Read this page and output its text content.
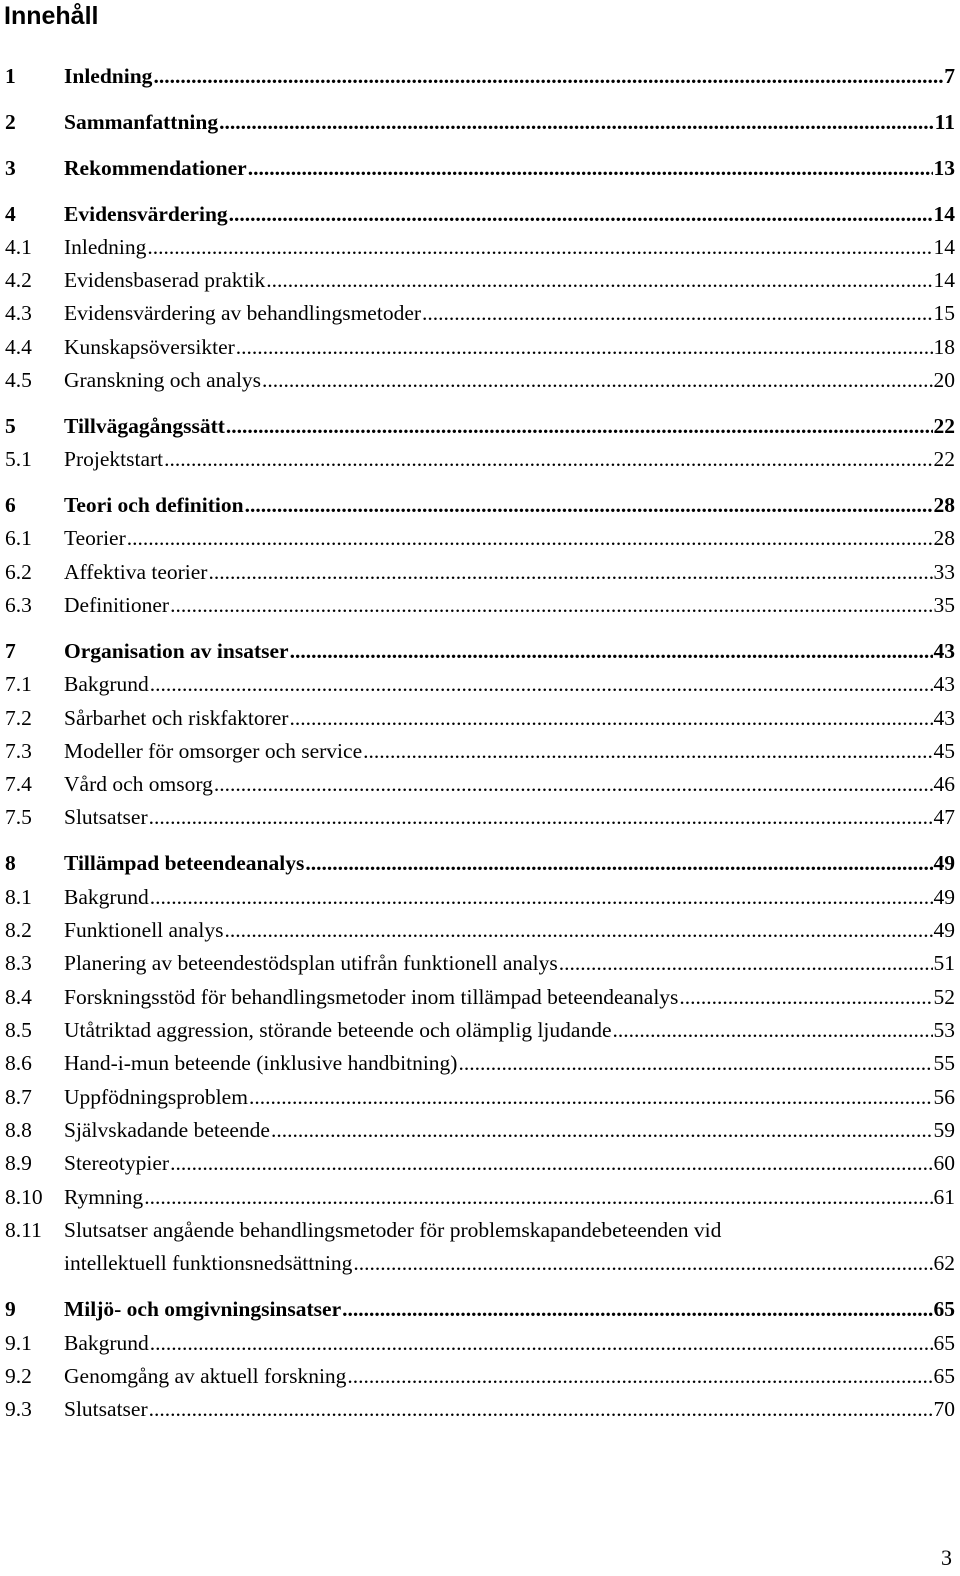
Innehåll
1	Inledning .....	7
2	Sammanfattning .....	11
3	Rekommendationer .....	13
4	Evidensvärdering .....	14
4.1	Inledning .....	14
4.2	Evidensbaserad praktik .....	14
4.3	Evidensvärdering av behandlingsmetoder .....	15
4.4	Kunskapsöversikter .....	18
4.5	Granskning och analys .....	20
5	Tillvägagångssätt .....	22
5.1	Projektstart .....	22
6	Teori och definition .....	28
6.1	Teorier .....	28
6.2	Affektiva teorier .....	33
6.3	Definitioner .....	35
7	Organisation av insatser .....	43
7.1	Bakgrund .....	43
7.2	Sårbarhet och riskfaktorer .....	43
7.3	Modeller för omsorger och service .....	45
7.4	Vård och omsorg .....	46
7.5	Slutsatser .....	47
8	Tillämpad beteendeanalys .....	49
8.1	Bakgrund .....	49
8.2	Funktionell analys .....	49
8.3	Planering av beteendestödsplan utifrån funktionell analys .....	51
8.4	Forskningsstöd för behandlingsmetoder inom tillämpad beteendeanalys .....	52
8.5	Utåtriktad aggression, störande beteende och olämplig ljudande .....	53
8.6	Hand-i-mun beteende (inklusive handbitning) .....	55
8.7	Uppfödningsproblem .....	56
8.8	Självskadande beteende .....	59
8.9	Stereotypier .....	60
8.10 Rymning .....	61
8.11	Slutsatser angående behandlingsmetoder för problemskapandebeteenden vid
intellektuell funktionsnedsättning .....	62
9	Miljö- och omgivningsinsatser .....	65
9.1	Bakgrund .....	65
9.2	Genomgång av aktuell forskning .....	65
9.3	Slutsatser .....	70
3
